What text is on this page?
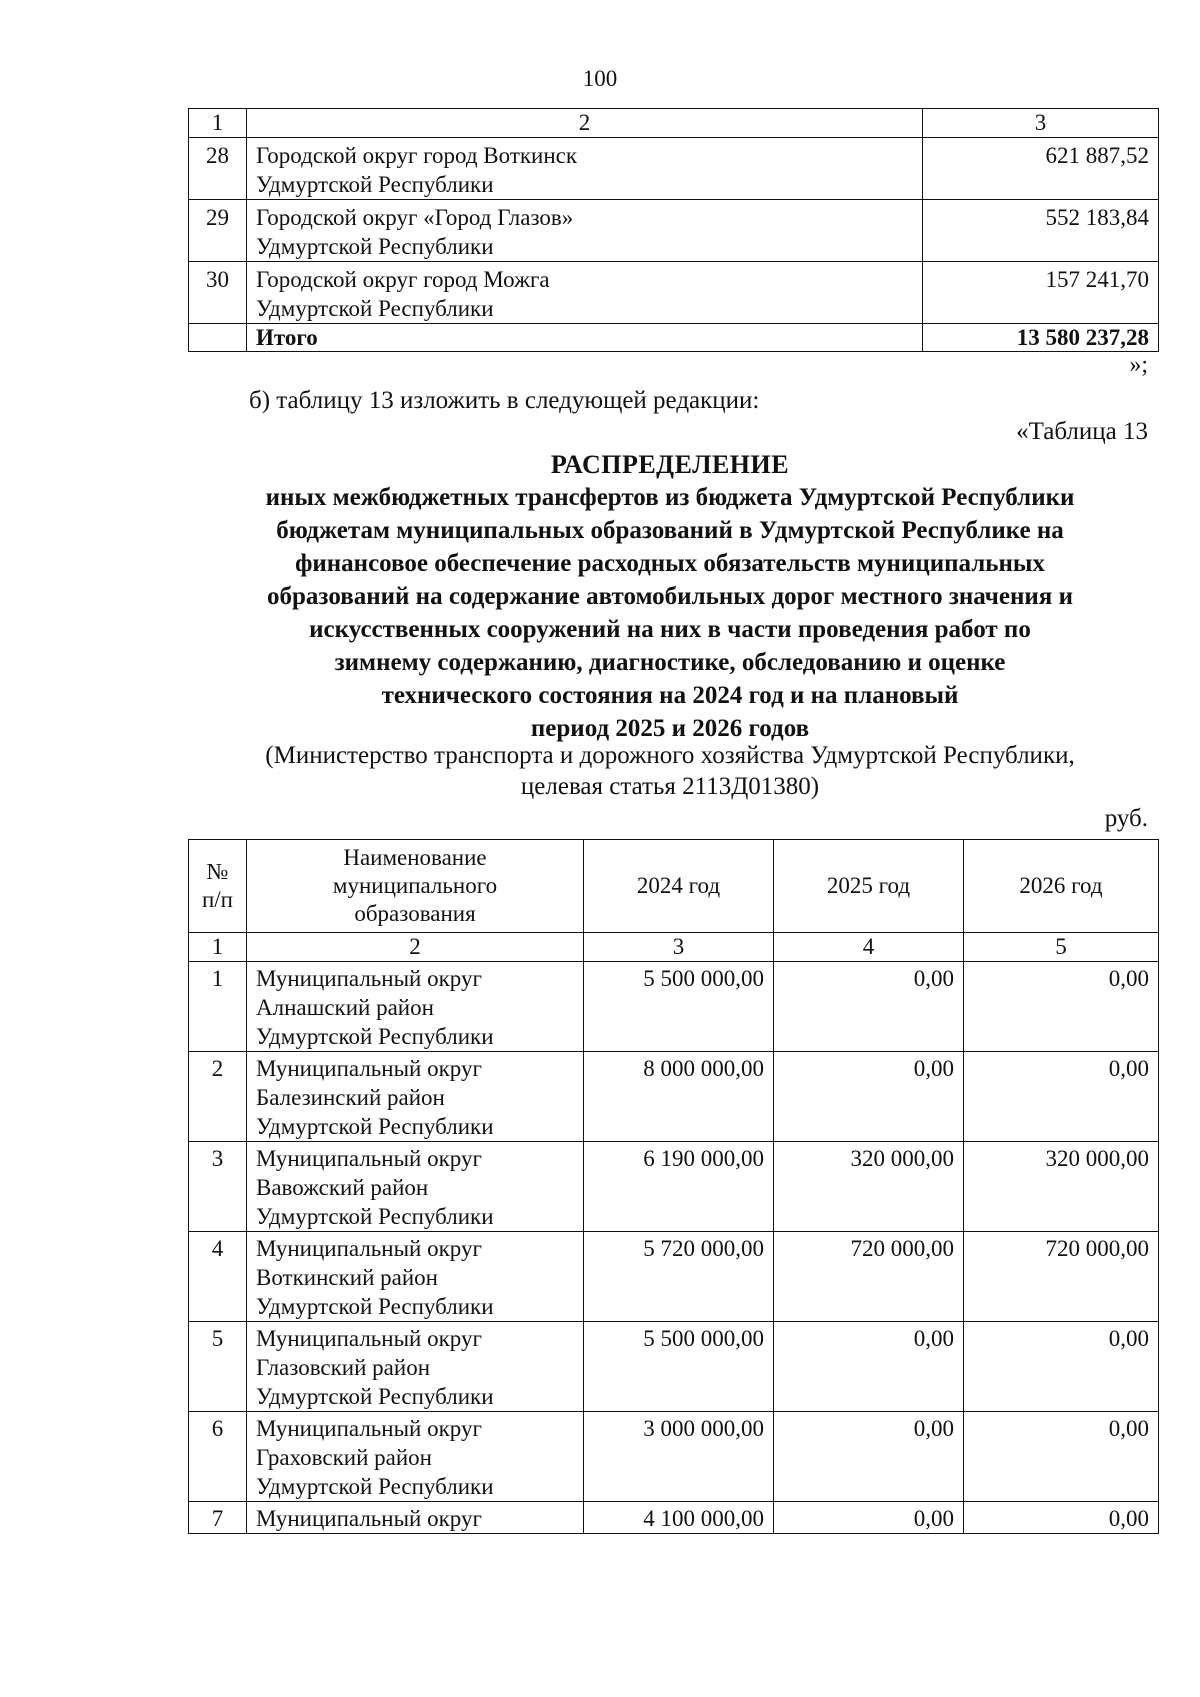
100
1	2	3
28	Городской округ город Воткинск
Удмуртской Республики	621 887,52
29	Городской округ «Город Глазов»
Удмуртской Республики	552 183,84
30	Городской округ город Можга
Удмуртской Республики	157 241,70
	Итого	13 580 237,28
»;
б) таблицу 13 изложить в следующей редакции:
«Таблица 13
РАСПРЕДЕЛЕНИЕ
иных межбюджетных трансфертов из бюджета Удмуртской Республики
бюджетам муниципальных образований в Удмуртской Республике на
финансовое обеспечение расходных обязательств муниципальных
образований на содержание автомобильных дорог местного значения и
искусственных сооружений на них в части проведения работ по
зимнему содержанию, диагностике, обследованию и оценке
технического состояния на 2024 год и на плановый
период 2025 и 2026 годов
(Министерство транспорта и дорожного хозяйства Удмуртской Республики,
целевая статья 2113Д01380)
руб.
№
п/п	Наименование
муниципального
образования	2024 год	2025 год	2026 год
1	2	3	4	5
1	Муниципальный округ
Алнашский район
Удмуртской Республики	5 500 000,00	0,00	0,00
2	Муниципальный округ
Балезинский район
Удмуртской Республики	8 000 000,00	0,00	0,00
3	Муниципальный округ
Вавожский район
Удмуртской Республики	6 190 000,00	320 000,00	320 000,00
4	Муниципальный округ
Воткинский район
Удмуртской Республики	5 720 000,00	720 000,00	720 000,00
5	Муниципальный округ
Глазовский район
Удмуртской Республики	5 500 000,00	0,00	0,00
6	Муниципальный округ
Граховский район
Удмуртской Республики	3 000 000,00	0,00	0,00
7	Муниципальный округ	4 100 000,00	0,00	0,00
